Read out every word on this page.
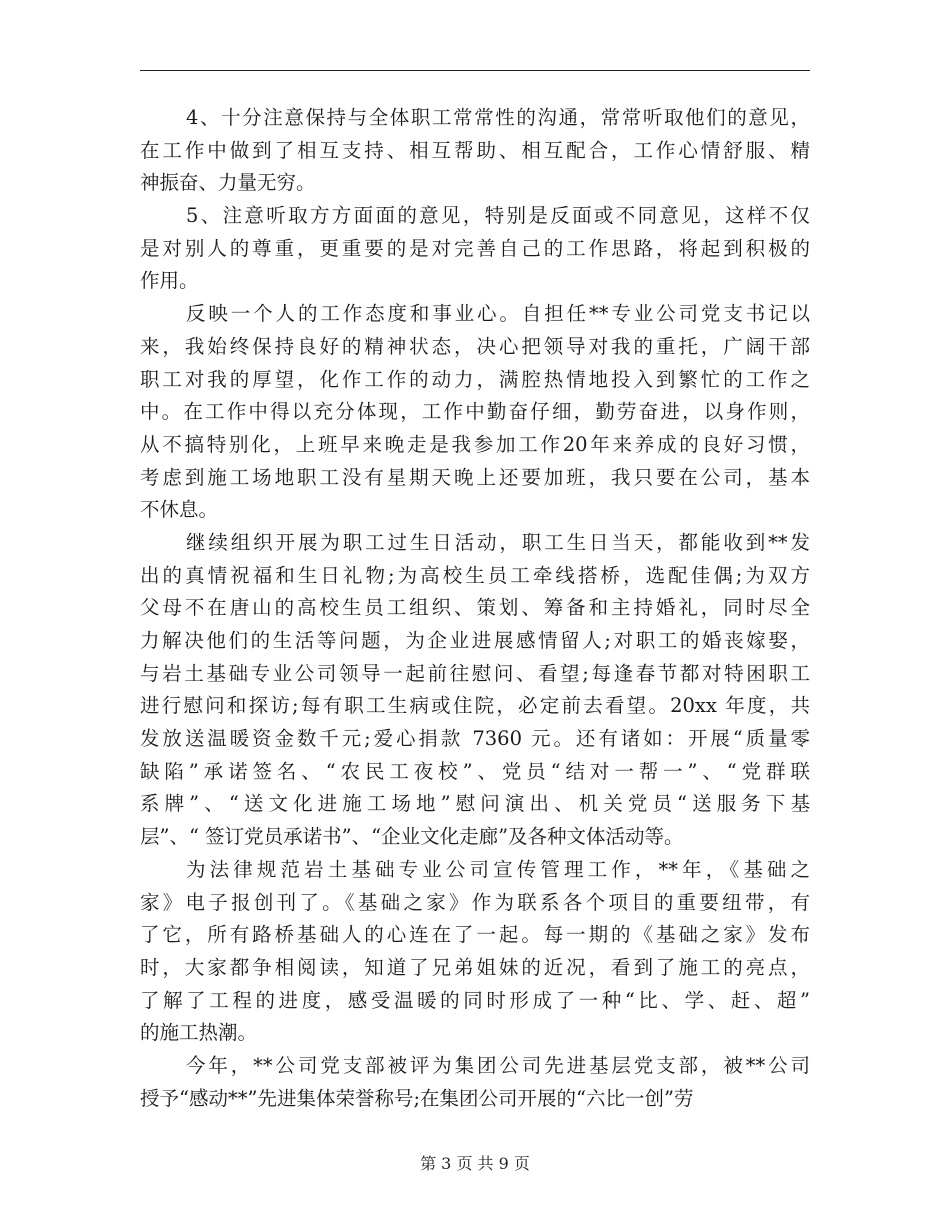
4、十分注意保持与全体职工常常性的沟通，常常听取他们的意见，
在工作中做到了相互支持、相互帮助、相互配合，工作心情舒服、精
神振奋、力量无穷。
5、注意听取方方面面的意见，特别是反面或不同意见，这样不仅
是对别人的尊重，更重要的是对完善自己的工作思路，将起到积极的
作用。
反映一个人的工作态度和事业心。自担任**专业公司党支书记以
来，我始终保持良好的精神状态，决心把领导对我的重托，广阔干部
职工对我的厚望，化作工作的动力，满腔热情地投入到繁忙的工作之
中。在工作中得以充分体现，工作中勤奋仔细，勤劳奋进，以身作则，
从不搞特别化，上班早来晚走是我参加工作20年来养成的良好习惯，
考虑到施工场地职工没有星期天晚上还要加班，我只要在公司，基本
不休息。
继续组织开展为职工过生日活动，职工生日当天，都能收到**发
出的真情祝福和生日礼物;为高校生员工牵线搭桥，选配佳偶;为双方
父母不在唐山的高校生员工组织、策划、筹备和主持婚礼，同时尽全
力解决他们的生活等问题，为企业进展感情留人;对职工的婚丧嫁娶，
与岩土基础专业公司领导一起前往慰问、看望;每逢春节都对特困职工
进行慰问和探访;每有职工生病或住院，必定前去看望。20xx 年度，共
发放送温暖资金数千元;爱心捐款 7360 元。还有诸如：开展“质量零
缺陷”承诺签名、“农民工夜校”、党员“结对一帮一”、“党群联
系牌”、“送文化进施工场地”慰问演出、机关党员“送服务下基
层”、“ 签订党员承诺书”、“企业文化走廊”及各种文体活动等。
为法律规范岩土基础专业公司宣传管理工作，**年，《基础之
家》电子报创刊了。《基础之家》作为联系各个项目的重要纽带，有
了它，所有路桥基础人的心连在了一起。每一期的《基础之家》发布
时，大家都争相阅读，知道了兄弟姐妹的近况，看到了施工的亮点，
了解了工程的进度，感受温暖的同时形成了一种“比、学、赶、超”
的施工热潮。
今年，**公司党支部被评为集团公司先进基层党支部，被**公司
授予“感动**”先进集体荣誉称号;在集团公司开展的“六比一创”劳
第 3 页 共 9 页
